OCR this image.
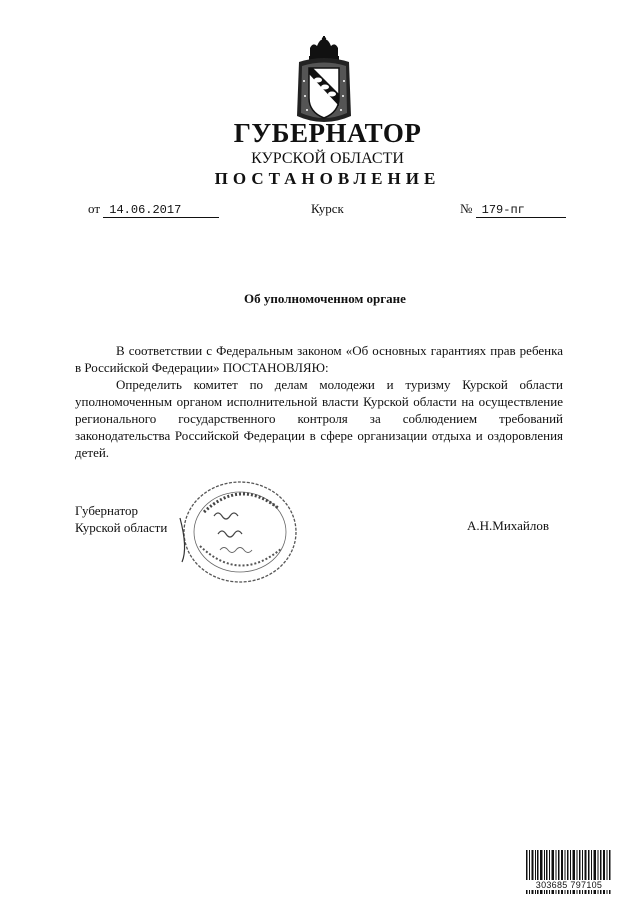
ГУБЕРНАТОР
КУРСКОЙ ОБЛАСТИ
ПОСТАНОВЛЕНИЕ
от 14.06.2017	Курск	№ 179-пг
Об уполномоченном органе

В соответствии с Федеральным законом «Об основных гарантиях прав ребенка в Российской Федерации» ПОСТАНОВЛЯЮ:

Определить комитет по делам молодежи и туризму Курской области уполномоченным органом исполнительной власти Курской области на осуществление регионального государственного контроля за соблюдением требований законодательства Российской Федерации в сфере организации отдыха и оздоровления детей.

Губернатор
Курской области	А.Н.Михайлов
303685 797105
